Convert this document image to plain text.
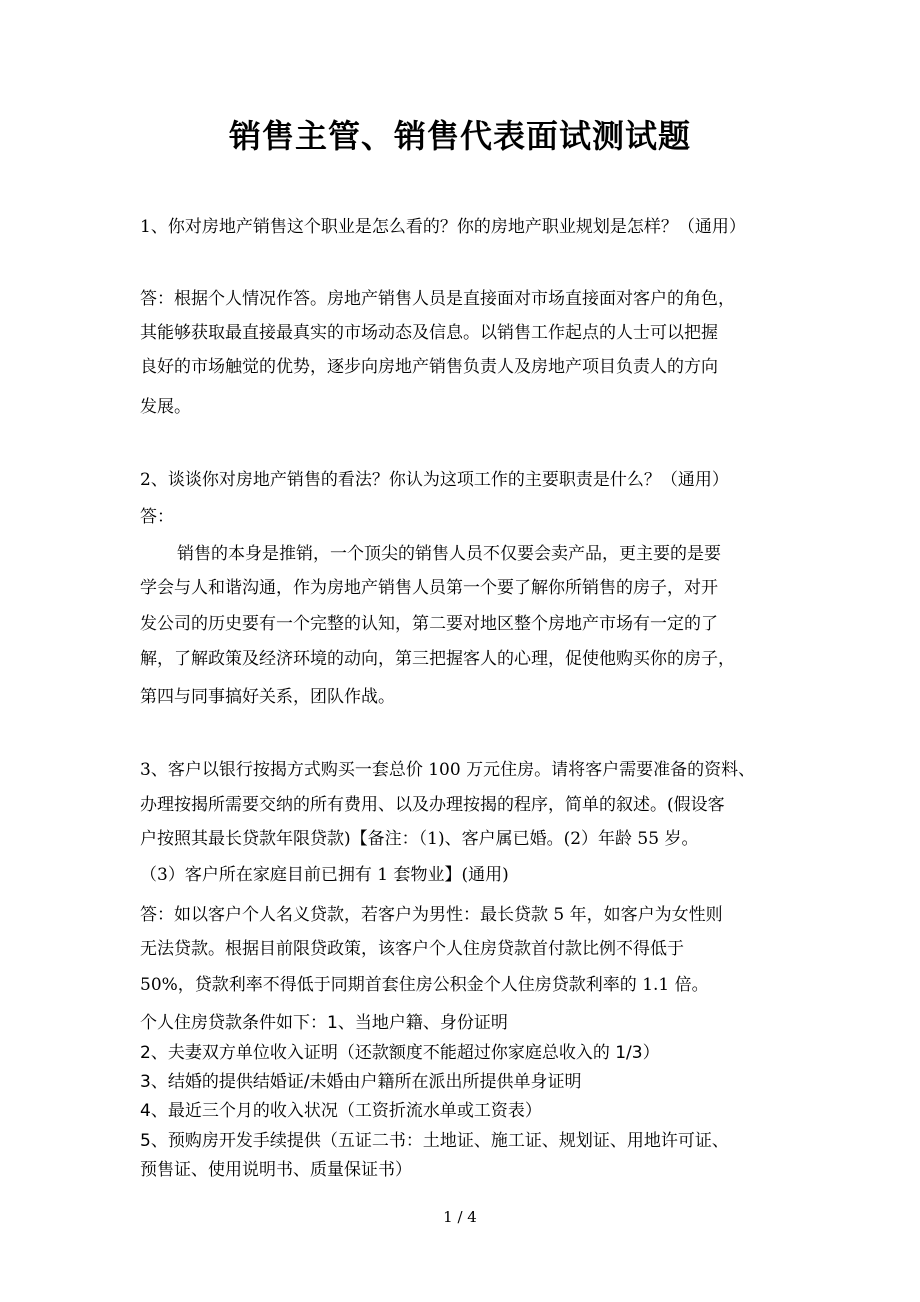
销售主管、销售代表面试测试题
1、你对房地产销售这个职业是怎么看的？你的房地产职业规划是怎样？（通用）
答：根据个人情况作答。房地产销售人员是直接面对市场直接面对客户的角色，
其能够获取最直接最真实的市场动态及信息。以销售工作起点的人士可以把握
良好的市场触觉的优势，逐步向房地产销售负责人及房地产项目负责人的方向
发展。
2、谈谈你对房地产销售的看法？你认为这项工作的主要职责是什么？（通用）
答：
销售的本身是推销，一个顶尖的销售人员不仅要会卖产品，更主要的是要
学会与人和谐沟通，作为房地产销售人员第一个要了解你所销售的房子，对开
发公司的历史要有一个完整的认知，第二要对地区整个房地产市场有一定的了
解，了解政策及经济环境的动向，第三把握客人的心理，促使他购买你的房子，
第四与同事搞好关系，团队作战。
3、客户以银行按揭方式购买一套总价 100 万元住房。请将客户需要准备的资料、
办理按揭所需要交纳的所有费用、以及办理按揭的程序，简单的叙述。(假设客
户按照其最长贷款年限贷款)【备注：（1)、客户属已婚。(2）年龄 55 岁。
（3）客户所在家庭目前已拥有 1 套物业】(通用)
答：如以客户个人名义贷款，若客户为男性：最长贷款 5 年，如客户为女性则
无法贷款。根据目前限贷政策，该客户个人住房贷款首付款比例不得低于
50%，贷款利率不得低于同期首套住房公积金个人住房贷款利率的 1.1 倍。
个人住房贷款条件如下：1、当地户籍、身份证明
2、夫妻双方单位收入证明（还款额度不能超过你家庭总收入的 1/3）
3、结婚的提供结婚证/未婚由户籍所在派出所提供单身证明
4、最近三个月的收入状况（工资折流水单或工资表）
5、预购房开发手续提供（五证二书：土地证、施工证、规划证、用地许可证、
预售证、使用说明书、质量保证书）
1 / 4
